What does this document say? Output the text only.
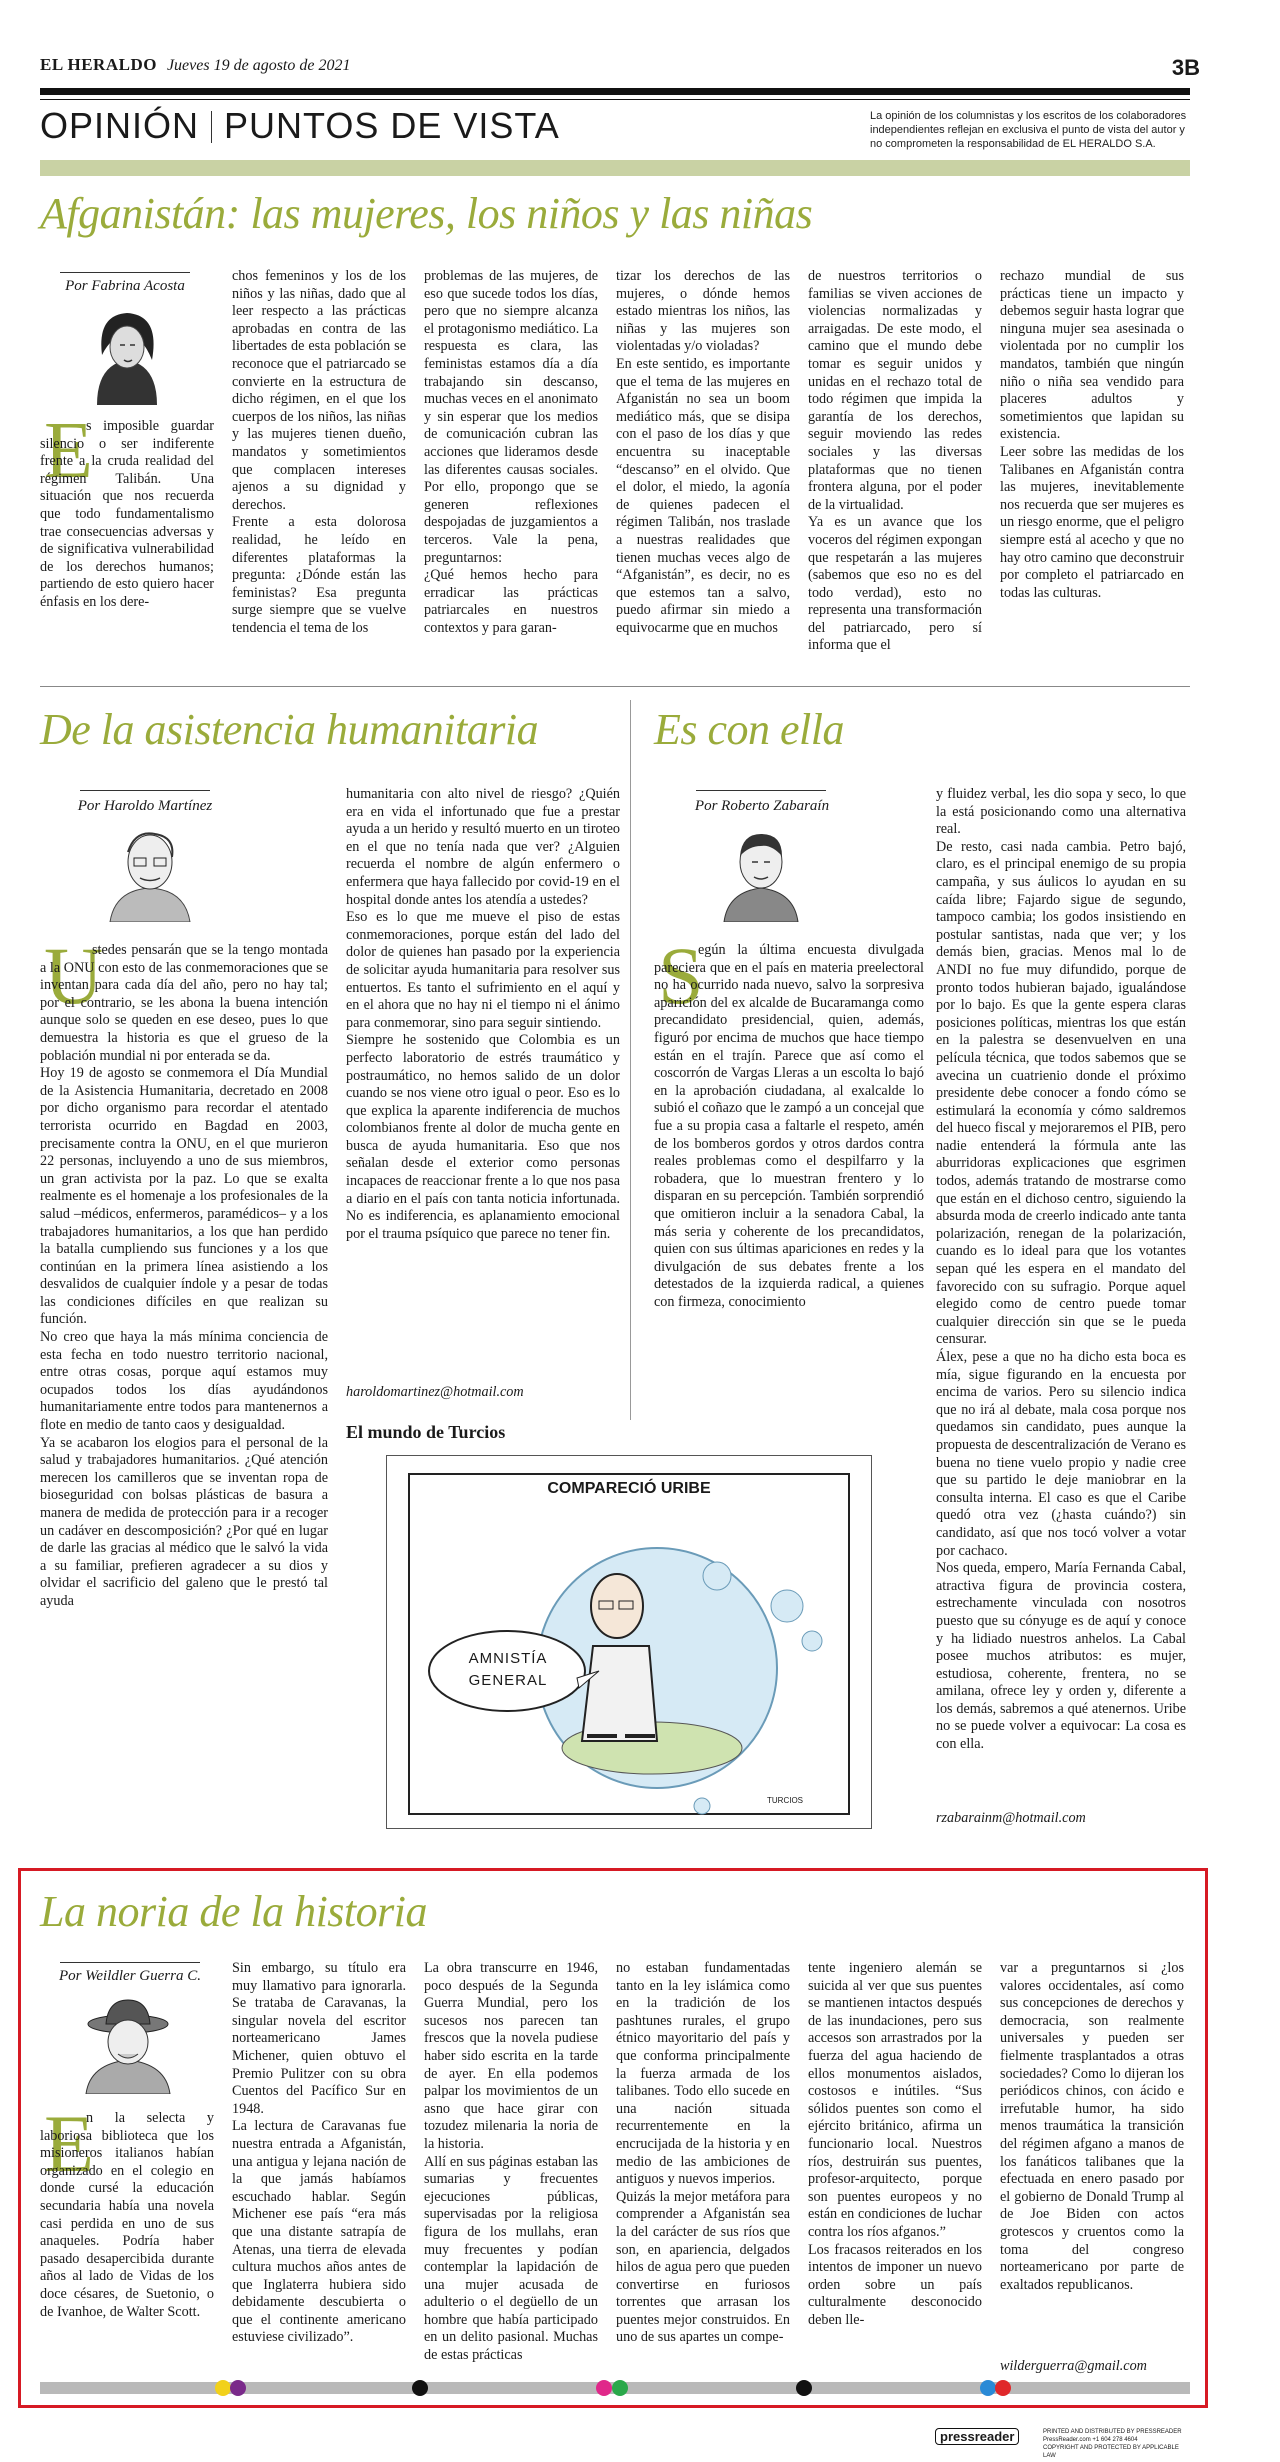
EL HERALDO Jueves 19 de agosto de 2021	3B
OPINIÓN PUNTOS DE VISTA	La opinión de los columnistas y los escritos de los colaboradores independientes reflejan en exclusiva el punto de vista del autor y no comprometen la responsabilidad de EL HERALDO S.A.
Afganistán: las mujeres, los niños y las niñas
Por Fabrina Acosta
E
s imposible guardar silencio o ser indiferente frente a la cruda realidad del régimen Talibán. Una situación que nos recuerda que todo fundamentalismo trae consecuencias adversas y de significativa vulnerabilidad de los derechos humanos; partiendo de esto quiero hacer énfasis en los dere-
chos femeninos y los de los niños y las niñas, dado que al leer respecto a las prácticas aprobadas en contra de las libertades de esta población se reconoce que el patriarcado se convierte en la estructura de dicho régimen, en el que los cuerpos de los niños, las niñas y las mujeres tienen dueño, mandatos y sometimientos que complacen intereses ajenos a su dignidad y derechos.
Frente a esta dolorosa realidad, he leído en diferentes plataformas la pregunta: ¿Dónde están las feministas? Esa pregunta surge siempre que se vuelve tendencia el tema de los
problemas de las mujeres, de eso que sucede todos los días, pero que no siempre alcanza el protagonismo mediático. La respuesta es clara, las feministas estamos día a día trabajando sin descanso, muchas veces en el anonimato y sin esperar que los medios de comunicación cubran las acciones que lideramos desde las diferentes causas sociales. Por ello, propongo que se generen reflexiones despojadas de juzgamientos a terceros. Vale la pena, preguntarnos:
¿Qué hemos hecho para erradicar las prácticas patriarcales en nuestros contextos y para garan-
tizar los derechos de las mujeres, o dónde hemos estado mientras los niños, las niñas y las mujeres son violentadas y/o violadas?
En este sentido, es importante que el tema de las mujeres en Afganistán no sea un boom mediático más, que se disipa con el paso de los días y que encuentra su inaceptable “descanso” en el olvido. Que el dolor, el miedo, la agonía de quienes padecen el régimen Talibán, nos traslade a nuestras realidades que tienen muchas veces algo de “Afganistán”, es decir, no es que estemos tan a salvo, puedo afirmar sin miedo a equivocarme que en muchos
de nuestros territorios o familias se viven acciones de violencias normalizadas y arraigadas. De este modo, el camino que el mundo debe tomar es seguir unidos y unidas en el rechazo total de todo régimen que impida la garantía de los derechos, seguir moviendo las redes sociales y las diversas plataformas que no tienen frontera alguna, por el poder de la virtualidad.
Ya es un avance que los voceros del régimen expongan que respetarán a las mujeres (sabemos que eso no es del todo verdad), esto no representa una transformación del patriarcado, pero sí informa que el
rechazo mundial de sus prácticas tiene un impacto y debemos seguir hasta lograr que ninguna mujer sea asesinada o violentada por no cumplir los mandatos, también que ningún niño o niña sea vendido para placeres adultos y sometimientos que lapidan su existencia.
Leer sobre las medidas de los Talibanes en Afganistán contra las mujeres, inevitablemente nos recuerda que ser mujeres es un riesgo enorme, que el peligro siempre está al acecho y que no hay otro camino que deconstruir por completo el patriarcado en todas las culturas.
De la asistencia humanitaria
Por Haroldo Martínez
U
stedes pensarán que se la tengo montada a la ONU con esto de las conmemoraciones que se inventan para cada día del año, pero no hay tal; por el contrario, se les abona la buena intención aunque solo se queden en ese deseo, pues lo que demuestra la historia es que el grueso de la población mundial ni por enterada se da.
Hoy 19 de agosto se conmemora el Día Mundial de la Asistencia Humanitaria, decretado en 2008 por dicho organismo para recordar el atentado terrorista ocurrido en Bagdad en 2003, precisamente contra la ONU, en el que murieron 22 personas, incluyendo a uno de sus miembros, un gran activista por la paz. Lo que se exalta realmente es el homenaje a los profesionales de la salud –médicos, enfermeros, paramédicos– y a los trabajadores humanitarios, a los que han perdido la batalla cumpliendo sus funciones y a los que continúan en la primera línea asistiendo a los desvalidos de cualquier índole y a pesar de todas las condiciones difíciles en que realizan su función.
No creo que haya la más mínima conciencia de esta fecha en todo nuestro territorio nacional, entre otras cosas, porque aquí estamos muy ocupados todos los días ayudándonos humanitariamente entre todos para mantenernos a flote en medio de tanto caos y desigualdad.
Ya se acabaron los elogios para el personal de la salud y trabajadores humanitarios. ¿Qué atención merecen los camilleros que se inventan ropa de bioseguridad con bolsas plásticas de basura a manera de medida de protección para ir a recoger un cadáver en descomposición? ¿Por qué en lugar de darle las gracias al médico que le salvó la vida a su familiar, prefieren agradecer a su dios y olvidar el sacrificio del galeno que le prestó tal ayuda
humanitaria con alto nivel de riesgo? ¿Quién era en vida el infortunado que fue a prestar ayuda a un herido y resultó muerto en un tiroteo en el que no tenía nada que ver? ¿Alguien recuerda el nombre de algún enfermero o enfermera que haya fallecido por covid-19 en el hospital donde antes los atendía a ustedes?
Eso es lo que me mueve el piso de estas conmemoraciones, porque están del lado del dolor de quienes han pasado por la experiencia de solicitar ayuda humanitaria para resolver sus entuertos. Es tanto el sufrimiento en el aquí y en el ahora que no hay ni el tiempo ni el ánimo para conmemorar, sino para seguir sintiendo.
Siempre he sostenido que Colombia es un perfecto laboratorio de estrés traumático y postraumático, no hemos salido de un dolor cuando se nos viene otro igual o peor. Eso es lo que explica la aparente indiferencia de muchos colombianos frente al dolor de mucha gente en busca de ayuda humanitaria. Eso que nos señalan desde el exterior como personas incapaces de reaccionar frente a lo que nos pasa a diario en el país con tanta noticia infortunada. No es indiferencia, es aplanamiento emocional por el trauma psíquico que parece no tener fin.
haroldomartinez@hotmail.com
El mundo de Turcios
COMPARECIÓ URIBE
AMNISTÍA GENERAL
TURCIOS
Es con ella
Por Roberto Zabaraín
S
egún la última encuesta divulgada pareciera que en el país en materia preelectoral no ha ocurrido nada nuevo, salvo la sorpresiva aparición del ex alcalde de Bucaramanga como precandidato presidencial, quien, además, figuró por encima de muchos que hace tiempo están en el trajín. Parece que así como el coscorrón de Vargas Lleras a un escolta lo bajó en la aprobación ciudadana, al exalcalde lo subió el coñazo que le zampó a un concejal que fue a su propia casa a faltarle el respeto, amén de los bomberos gordos y otros dardos contra reales problemas como el despilfarro y la robadera, que lo muestran frentero y lo disparan en su percepción. También sorprendió que omitieron incluir a la senadora Cabal, la más seria y coherente de los precandidatos, quien con sus últimas apariciones en redes y la divulgación de sus debates frente a los detestados de la izquierda radical, a quienes con firmeza, conocimiento
y fluidez verbal, les dio sopa y seco, lo que la está posicionando como una alternativa real.
De resto, casi nada cambia. Petro bajó, claro, es el principal enemigo de su propia campaña, y sus áulicos lo ayudan en su caída libre; Fajardo sigue de segundo, tampoco cambia; los godos insistiendo en postular santistas, nada que ver; y los demás bien, gracias. Menos mal lo de ANDI no fue muy difundido, porque de pronto todos hubieran bajado, igualándose por lo bajo. Es que la gente espera claras posiciones políticas, mientras los que están en la palestra se desenvuelven en una película técnica, que todos sabemos que se avecina un cuatrienio donde el próximo presidente debe conocer a fondo cómo se estimulará la economía y cómo saldremos del hueco fiscal y mejoraremos el PIB, pero nadie entenderá la fórmula ante las aburridoras explicaciones que esgrimen todos, además tratando de mostrarse como que están en el dichoso centro, siguiendo la absurda moda de creerlo indicado ante tanta polarización, renegan de la polarización, cuando es lo ideal para que los votantes sepan qué les espera en el mandato del favorecido con su sufragio. Porque aquel elegido como de centro puede tomar cualquier dirección sin que se le pueda censurar.
Álex, pese a que no ha dicho esta boca es mía, sigue figurando en la encuesta por encima de varios. Pero su silencio indica que no irá al debate, mala cosa porque nos quedamos sin candidato, pues aunque la propuesta de descentralización de Verano es buena no tiene vuelo propio y nadie cree que su partido le deje maniobrar en la consulta interna. El caso es que el Caribe quedó otra vez (¿hasta cuándo?) sin candidato, así que nos tocó volver a votar por cachaco.
Nos queda, empero, María Fernanda Cabal, atractiva figura de provincia costera, estrechamente vinculada con nosotros puesto que su cónyuge es de aquí y conoce y ha lidiado nuestros anhelos. La Cabal posee muchos atributos: es mujer, estudiosa, coherente, frentera, no se amilana, ofrece ley y orden y, diferente a los demás, sabremos a qué atenernos. Uribe no se puede volver a equivocar: La cosa es con ella.
rzabarainm@hotmail.com
La noria de la historia
Por Weildler Guerra C.
E
n la selecta y laboriosa biblioteca que los misioneros italianos habían organizado en el colegio en donde cursé la educación secundaria había una novela casi perdida en uno de sus anaqueles. Podría haber pasado desapercibida durante años al lado de Vidas de los doce césares, de Suetonio, o de Ivanhoe, de Walter Scott.
Sin embargo, su título era muy llamativo para ignorarla. Se trataba de Caravanas, la singular novela del escritor norteamericano James Michener, quien obtuvo el Premio Pulitzer con su obra Cuentos del Pacífico Sur en 1948.
La lectura de Caravanas fue nuestra entrada a Afganistán, una antigua y lejana nación de la que jamás habíamos escuchado hablar. Según Michener ese país “era más que una distante satrapía de Atenas, una tierra de elevada cultura muchos años antes de que Inglaterra hubiera sido debidamente descubierta o que el continente americano estuviese civilizado”.
La obra transcurre en 1946, poco después de la Segunda Guerra Mundial, pero los sucesos nos parecen tan frescos que la novela pudiese haber sido escrita en la tarde de ayer. En ella podemos palpar los movimientos de un asno que hace girar con tozudez milenaria la noria de la historia.
Allí en sus páginas estaban las sumarias y frecuentes ejecuciones públicas, supervisadas por la religiosa figura de los mullahs, eran muy frecuentes y podían contemplar la lapidación de una mujer acusada de adulterio o el degüello de un hombre que había participado en un delito pasional. Muchas de estas prácticas
no estaban fundamentadas tanto en la ley islámica como en la tradición de los pashtunes rurales, el grupo étnico mayoritario del país y que conforma principalmente la fuerza armada de los talibanes. Todo ello sucede en una nación situada recurrentemente en la encrucijada de la historia y en medio de las ambiciones de antiguos y nuevos imperios.
Quizás la mejor metáfora para comprender a Afganistán sea la del carácter de sus ríos que son, en apariencia, delgados hilos de agua pero que pueden convertirse en furiosos torrentes que arrasan los puentes mejor construidos. En uno de sus apartes un compe-
tente ingeniero alemán se suicida al ver que sus puentes se mantienen intactos después de las inundaciones, pero sus accesos son arrastrados por la fuerza del agua haciendo de ellos monumentos aislados, costosos e inútiles. “Sus sólidos puentes son como el ejército británico, afirma un funcionario local. Nuestros ríos, destruirán sus puentes, profesor-arquitecto, porque son puentes europeos y no están en condiciones de luchar contra los ríos afganos.”
Los fracasos reiterados en los intentos de imponer un nuevo orden sobre un país culturalmente desconocido deben lle-
var a preguntarnos si ¿los valores occidentales, así como sus concepciones de derechos y democracia, son realmente universales y pueden ser fielmente trasplantados a otras sociedades? Como lo dijeran los periódicos chinos, con ácido e irrefutable humor, ha sido menos traumática la transición del régimen afgano a manos de los fanáticos talibanes que la efectuada en enero pasado por el gobierno de Donald Trump al de Joe Biden con actos grotescos y cruentos como la toma del congreso norteamericano por parte de exaltados republicanos.
wilderguerra@gmail.com
pressreader	PRINTED AND DISTRIBUTED BY PRESSREADER
PressReader.com +1 604 278 4604
COPYRIGHT AND PROTECTED BY APPLICABLE LAW
